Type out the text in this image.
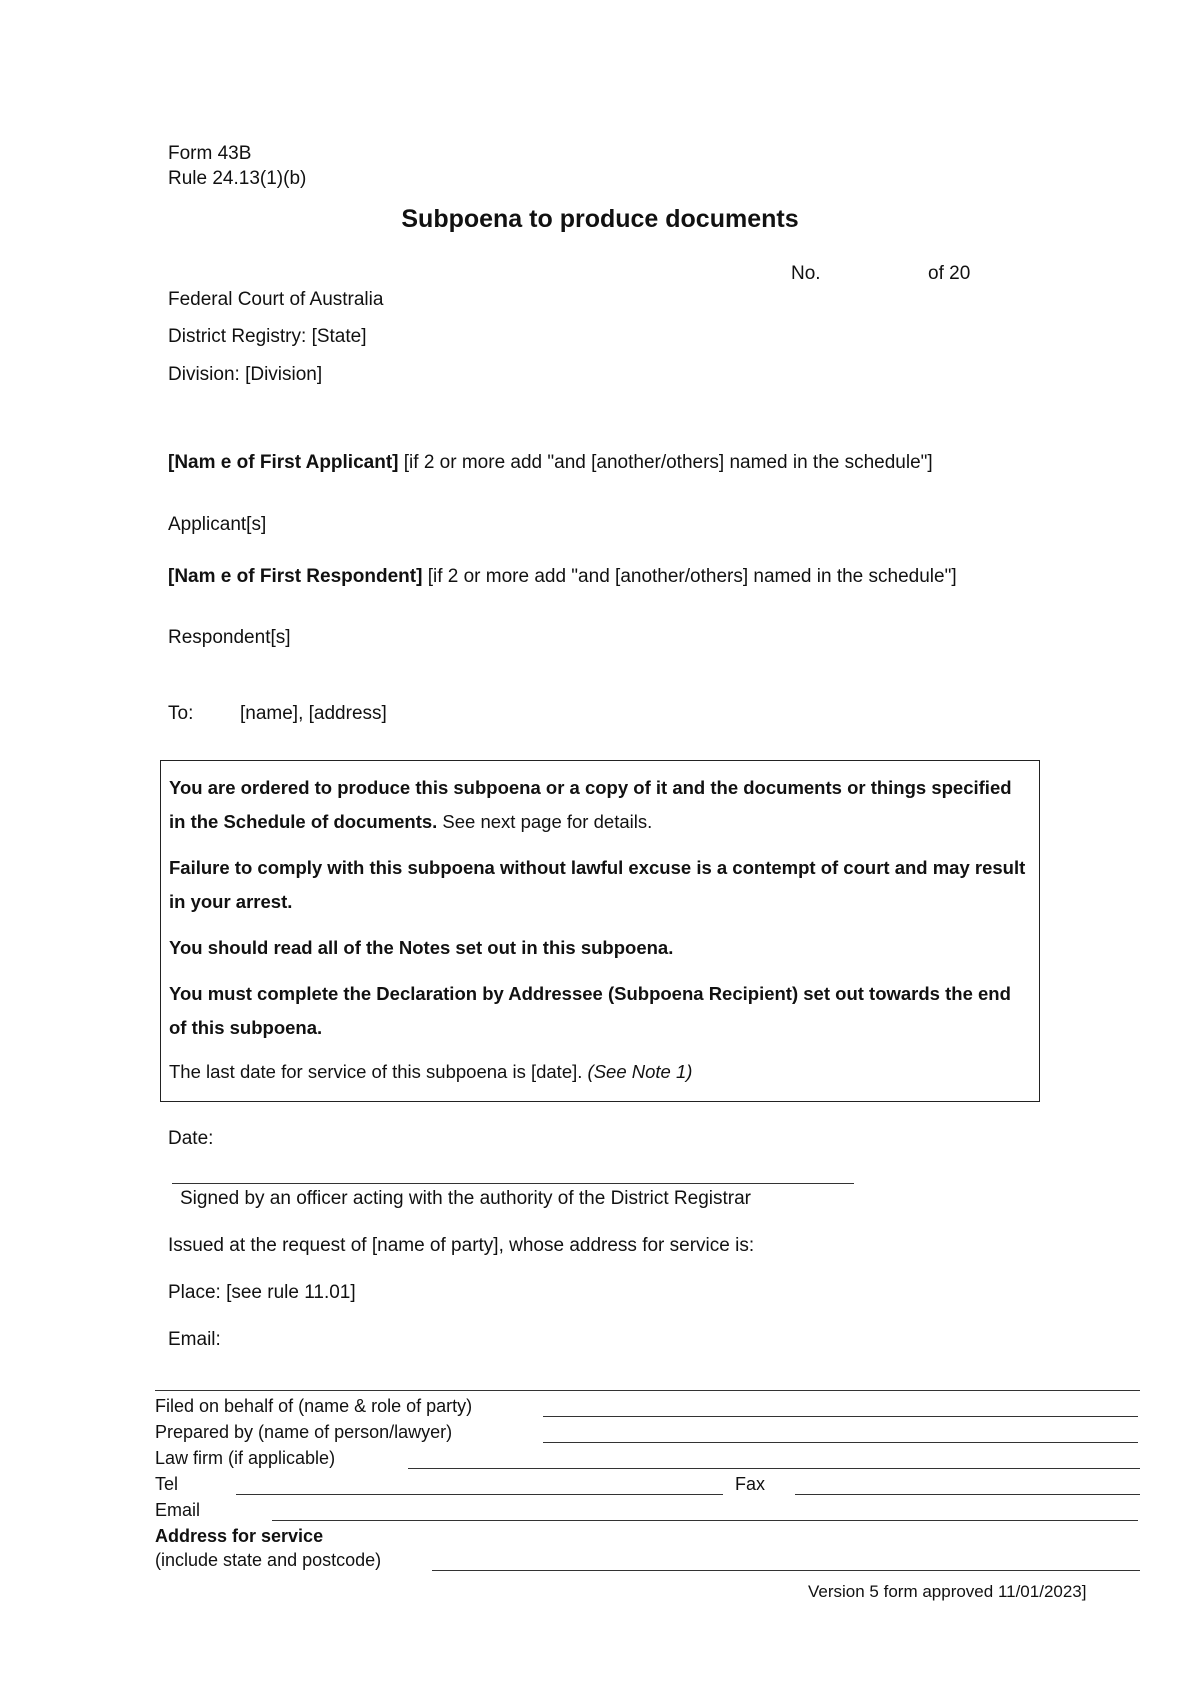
Form 43B
Rule 24.13(1)(b)
Subpoena to produce documents
No.	of 20
Federal Court of Australia
District Registry: [State]
Division: [Division]
[Nam e of First Applicant] [if 2 or more add "and [another/others] named in the schedule"]
Applicant[s]
[Nam e of First Respondent] [if 2 or more add "and [another/others] named in the schedule"]
Respondent[s]
To: [name], [address]

You are ordered to produce this subpoena or a copy of it and the documents or things specified in the Schedule of documents. See next page for details.

Failure to comply with this subpoena without lawful excuse is a contempt of court and may result in your arrest.

You should read all of the Notes set out in this subpoena.

You must complete the Declaration by Addressee (Subpoena Recipient) set out towards the end of this subpoena.

The last date for service of this subpoena is [date]. (See Note 1)

Date:
Signed by an officer acting with the authority of the District Registrar
Issued at the request of [name of party], whose address for service is:
Place: [see rule 11.01]
Email:
Filed on behalf of (name & role of party)
Prepared by (name of person/lawyer)
Law firm (if applicable)
Tel	Fax
Email
Address for service
(include state and postcode)
Version 5 form approved 11/01/2023]
